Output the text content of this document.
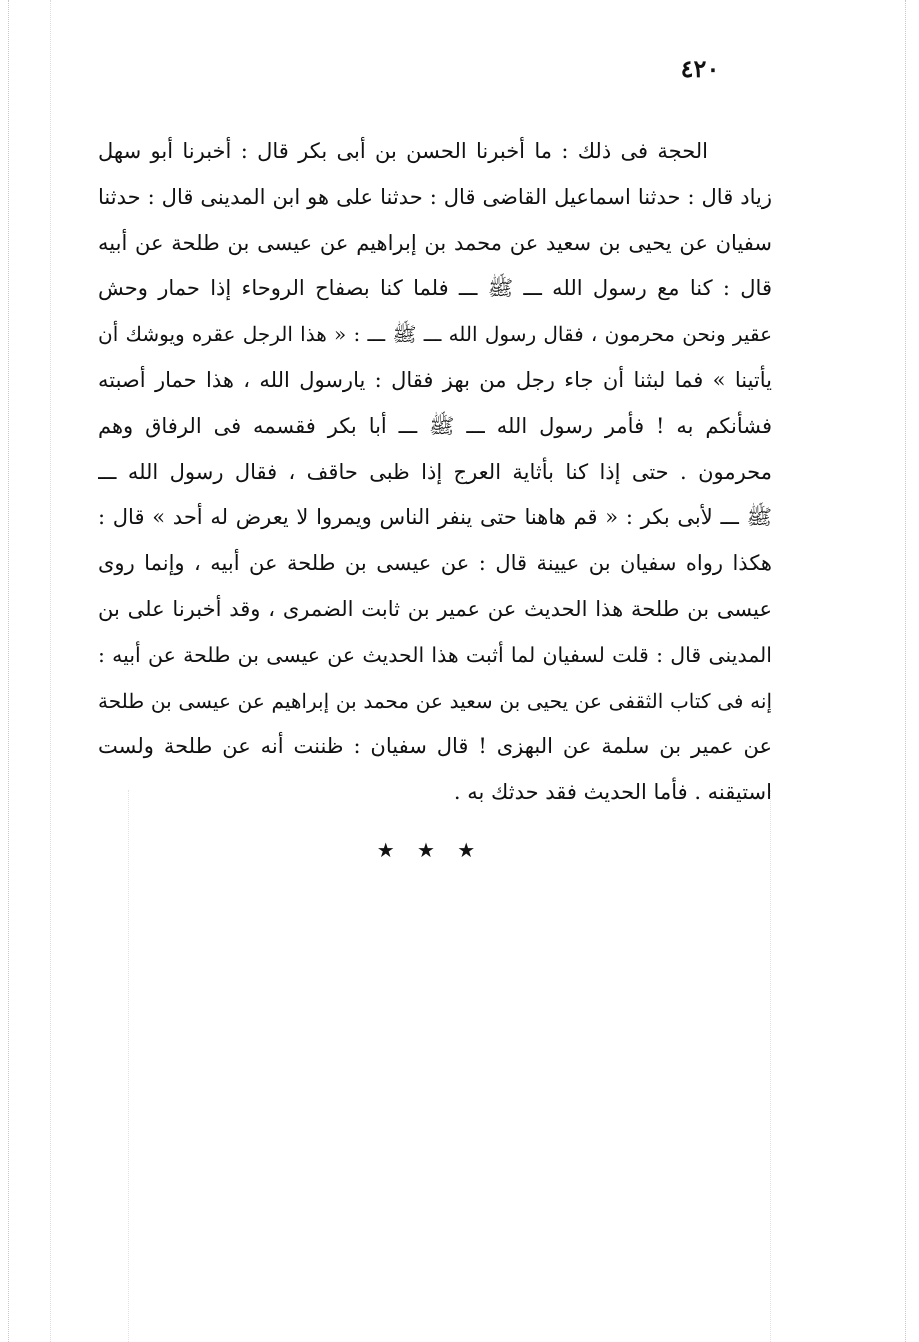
٤٢٠
الحجة فى ذلك : ما أخبرنا الحسن بن أبى بكر قال : أخبرنا أبو سهل
زياد قال : حدثنا اسماعيل القاضى قال : حدثنا على هو ابن المدينى قال : حدثنا
سفيان عن يحيى بن سعيد عن محمد بن إبراهيم عن عيسى بن طلحة عن أبيه
قال : كنا مع رسول الله ـــ ﷺ ـــ فلما كنا بصفاح الروحاء إذا حمار وحش
عقير ونحن محرمون ، فقال رسول الله ـــ ﷺ ـــ : « هذا الرجل عقره ويوشك أن
يأتينا » فما لبثنا أن جاء رجل من بهز فقال : يارسول الله ، هذا حمار أصبته
فشأنكم به ! فأمر رسول الله ـــ ﷺ ـــ أبا بكر فقسمه فى الرفاق وهم
محرمون . حتى إذا كنا بأثاية العرج إذا ظبى حاقف ، فقال رسول الله ـــ
ﷺ ـــ لأبى بكر : « قم هاهنا حتى ينفر الناس ويمروا لا يعرض له أحد » قال :
هكذا رواه سفيان بن عيينة قال : عن عيسى بن طلحة عن أبيه ، وإنما روى
عيسى بن طلحة هذا الحديث عن عمير بن ثابت الضمرى ، وقد أخبرنا على بن
المدينى قال : قلت لسفيان لما أثبت هذا الحديث عن عيسى بن طلحة عن أبيه :
إنه فى كتاب الثقفى عن يحيى بن سعيد عن محمد بن إبراهيم عن عيسى بن طلحة
عن عمير بن سلمة عن البهزى ! قال سفيان : ظننت أنه عن طلحة ولست
استيقنه . فأما الحديث فقد حدثك به .
★ ★ ★
